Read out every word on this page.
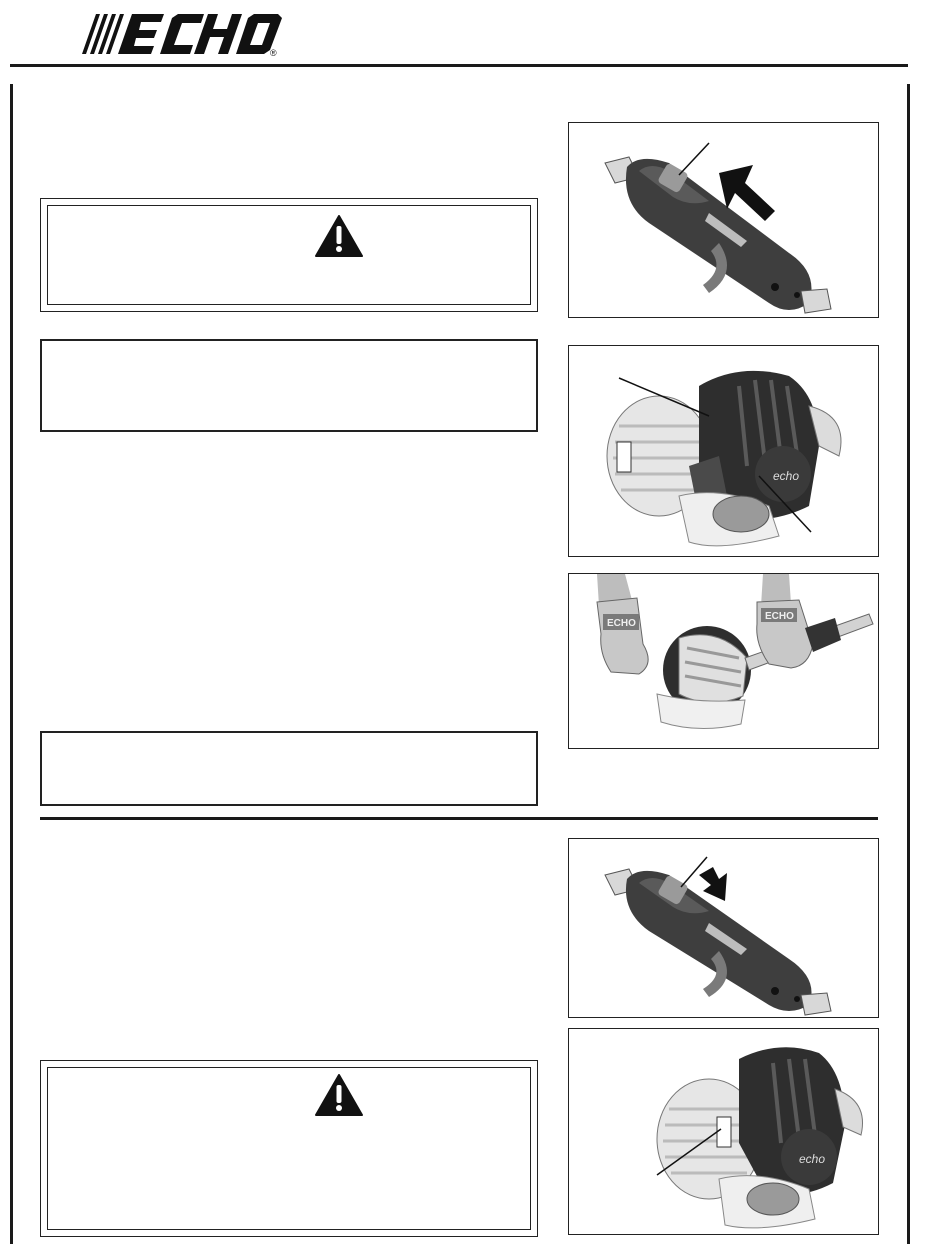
®
echo
ECHO
ECHO
echo
